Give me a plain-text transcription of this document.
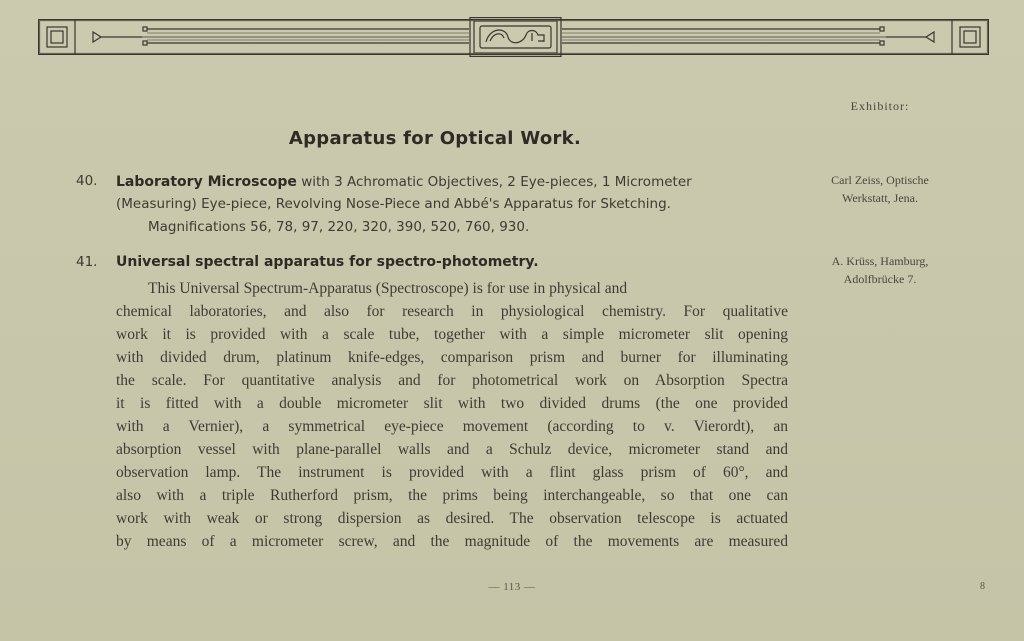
Exhibitor:
Apparatus for Optical Work.
40.	Laboratory Microscope with 3 Achromatic Objectives, 2 Eye-pieces, 1 Micrometer
(Measuring) Eye-piece, Revolving Nose-Piece and Abbé's Apparatus for Sketching.
Magnifications 56, 78, 97, 220, 320, 390, 520, 760, 930.
Carl Zeiss, Optische
Werkstatt, Jena.
41.	Universal spectral apparatus for spectro-photometry.
This Universal Spectrum-Apparatus (Spectroscope) is for use in physical and
chemical laboratories, and also for research in physiological chemistry. For qualitative
work it is provided with a scale tube, together with a simple micrometer slit opening
with divided drum, platinum knife-edges, comparison prism and burner for illuminating
the scale. For quantitative analysis and for photometrical work on Absorption Spectra
it is fitted with a double micrometer slit with two divided drums (the one provided
with a Vernier), a symmetrical eye-piece movement (according to v. Vierordt), an
absorption vessel with plane-parallel walls and a Schulz device, micrometer stand and
observation lamp. The instrument is provided with a flint glass prism of 60°, and
also with a triple Rutherford prism, the prims being interchangeable, so that one can
work with weak or strong dispersion as desired. The observation telescope is actuated
by means of a micrometer screw, and the magnitude of the movements are measured
A. Krüss, Hamburg,
Adolfbrücke 7.
— 113 —	8
